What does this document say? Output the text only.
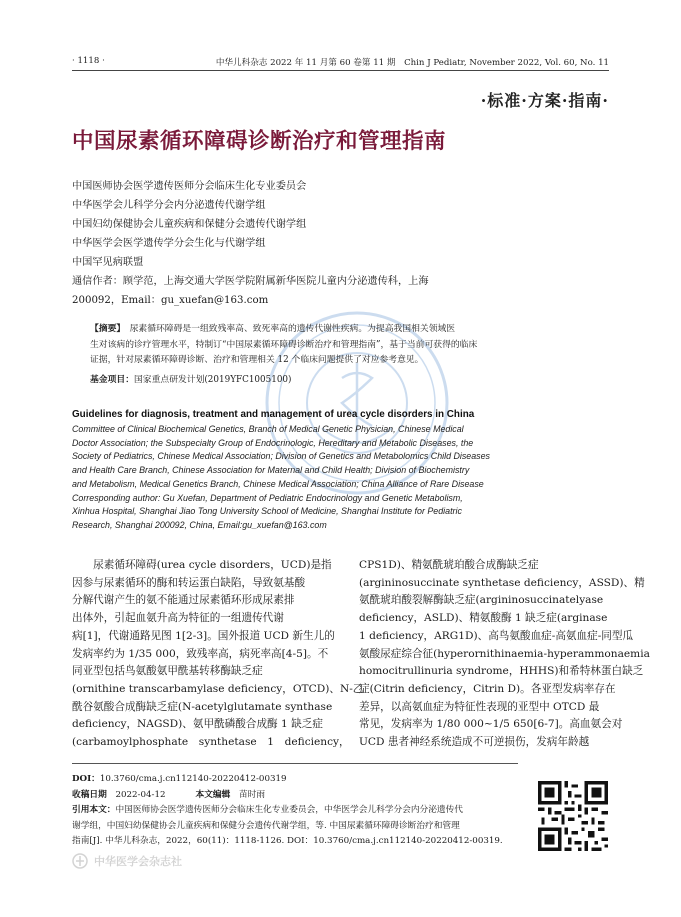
· 1118 ·	中华儿科杂志 2022 年 11 月第 60 卷第 11 期　Chin J Pediatr, November 2022, Vol. 60, No. 11
·标准·方案·指南·
中国尿素循环障碍诊断治疗和管理指南
中国医师协会医学遗传医师分会临床生化专业委员会
中华医学会儿科学分会内分泌遗传代谢学组
中国妇幼保健协会儿童疾病和保健分会遗传代谢学组
中华医学会医学遗传学分会生化与代谢学组
中国罕见病联盟
通信作者：顾学范，上海交通大学医学院附属新华医院儿童内分泌遗传科，上海
200092，Email：gu_xuefan@163.com
【摘要】　尿素循环障碍是一组致残率高、致死率高的遗传代谢性疾病。为提高我国相关领域医
生对该病的诊疗管理水平，特制订“中国尿素循环障碍诊断治疗和管理指南”，基于当前可获得的临床
证据，针对尿素循环障碍诊断、治疗和管理相关 12 个临床问题提供了对应参考意见。
基金项目：国家重点研发计划(2019YFC1005100)
Guidelines for diagnosis, treatment and management of urea cycle disorders in China
Committee of Clinical Biochemical Genetics, Branch of Medical Genetic Physician, Chinese Medical
Doctor Association; the Subspecialty Group of Endocrinologic, Hereditary and Metabolic Diseases, the
Society of Pediatrics, Chinese Medical Association; Division of Genetics and Metabolomics Child Diseases
and Health Care Branch, Chinese Association for Maternal and Child Health; Division of Biochemistry
and Metabolism, Medical Genetics Branch, Chinese Medical Association; China Alliance of Rare Disease
Corresponding author: Gu Xuefan, Department of Pediatric Endocrinology and Genetic Metabolism,
Xinhua Hospital, Shanghai Jiao Tong University School of Medicine, Shanghai Institute for Pediatric
Research, Shanghai 200092, China, Email:gu_xuefan@163.com
　　尿素循环障碍(urea cycle disorders，UCD)是指
因参与尿素循环的酶和转运蛋白缺陷，导致氨基酸
分解代谢产生的氨不能通过尿素循环形成尿素排
出体外，引起血氨升高为特征的一组遗传代谢
病[1]，代谢通路见图 1[2-3]。国外报道 UCD 新生儿的
发病率约为 1/35 000，致残率高，病死率高[4-5]。不
同亚型包括鸟氨酸氨甲酰基转移酶缺乏症
(ornithine transcarbamylase deficiency，OTCD)、N-乙
酰谷氨酸合成酶缺乏症(N-acetylglutamate synthase
deficiency，NAGSD)、氨甲酰磷酸合成酶 1 缺乏症
(carbamoylphosphate　synthetase　1　deficiency，
CPS1D)、精氨酰琥珀酸合成酶缺乏症
(argininosuccinate synthetase deficiency，ASSD)、精
氨酰琥珀酸裂解酶缺乏症(argininosuccinatelyase
deficiency，ASLD)、精氨酸酶 1 缺乏症(arginase
1 deficiency，ARG1D)、高鸟氨酸血症-高氨血症-同型瓜
氨酸尿症综合征(hyperornithinaemia-hyperammonaemia
homocitrullinuria syndrome，HHHS)和希特林蛋白缺乏
症(Citrin deficiency，Citrin D)。各亚型发病率存在
差异，以高氨血症为特征性表现的亚型中 OTCD 最
常见，发病率为 1/80 000~1/5 650[6-7]。高血氨会对
UCD 患者神经系统造成不可逆损伤，发病年龄越
DOI：10.3760/cma.j.cn112140-20220412-00319
收稿日期　 2022-04-12	本文编辑　 苗时雨
引用本文：中国医师协会医学遗传医师分会临床生化专业委员会，中华医学会儿科学分会内分泌遗传代
谢学组，中国妇幼保健协会儿童疾病和保健分会遗传代谢学组，等. 中国尿素循环障碍诊断治疗和管理
指南[J]. 中华儿科杂志，2022，60(11)：1118-1126. DOI：10.3760/cma.j.cn112140-20220412-00319.
中华医学会杂志社
